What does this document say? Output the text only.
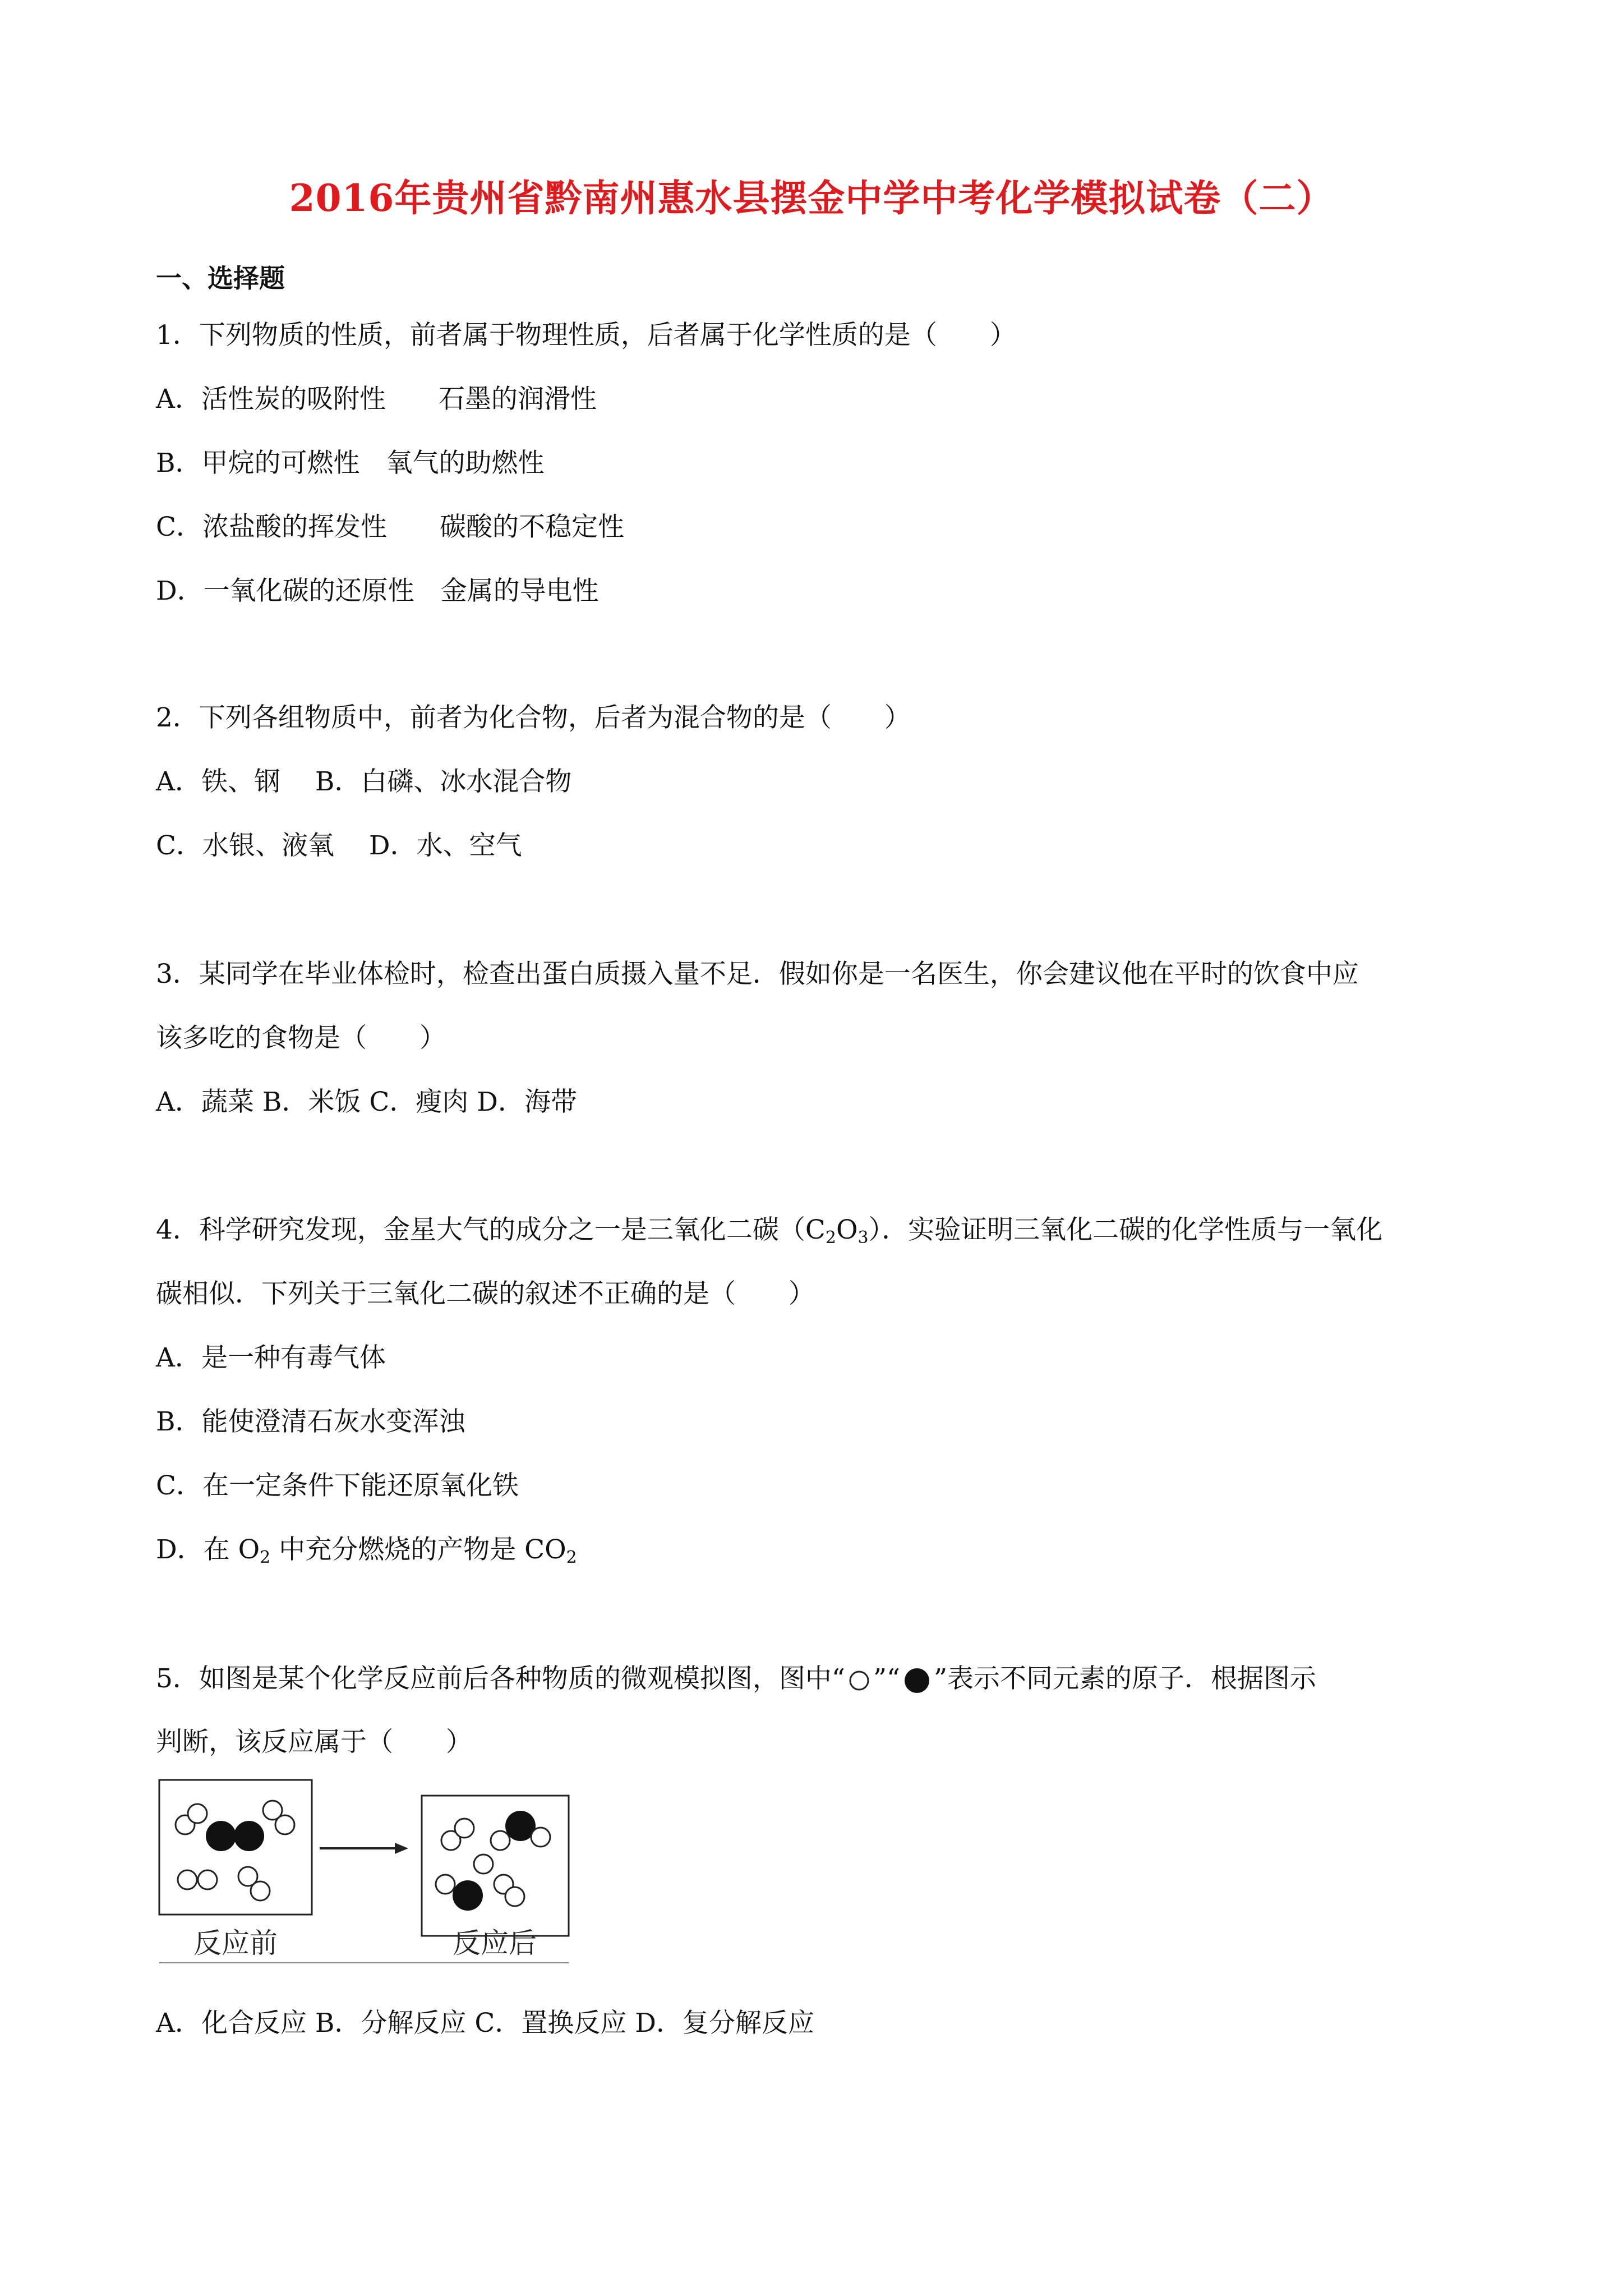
2016年贵州省黔南州惠水县摆金中学中考化学模拟试卷（二）
一、选择题
1．下列物质的性质，前者属于物理性质，后者属于化学性质的是（　　）
A．活性炭的吸附性　　石墨的润滑性
B．甲烷的可燃性　氧气的助燃性
C．浓盐酸的挥发性　　碳酸的不稳定性
D．一氧化碳的还原性　金属的导电性
2．下列各组物质中，前者为化合物，后者为混合物的是（　　）
A．铁、钢　 B．白磷、冰水混合物
C．水银、液氧　 D．水、空气
3．某同学在毕业体检时，检查出蛋白质摄入量不足．假如你是一名医生，你会建议他在平时的饮食中应
该多吃的食物是（　　）
A．蔬菜 B．米饭 C．瘦肉 D．海带
4．科学研究发现，金星大气的成分之一是三氧化二碳$(C_2O_3)$．实验证明三氧化二碳的化学性质与一氧化
碳相似．下列关于三氧化二碳的叙述不正确的是（　　）
A．是一种有毒气体
B．能使澄清石灰水变浑浊
C．在一定条件下能还原氧化铁
D．在 $O_2$ 中充分燃烧的产物是 $CO_2$
5．如图是某个化学反应前后各种物质的微观模拟图，图中“ ”“ ”表示不同元素的原子．根据图示
判断，该反应属于（　　）
反应前	反应后
A．化合反应 B．分解反应 C．置换反应 D．复分解反应
